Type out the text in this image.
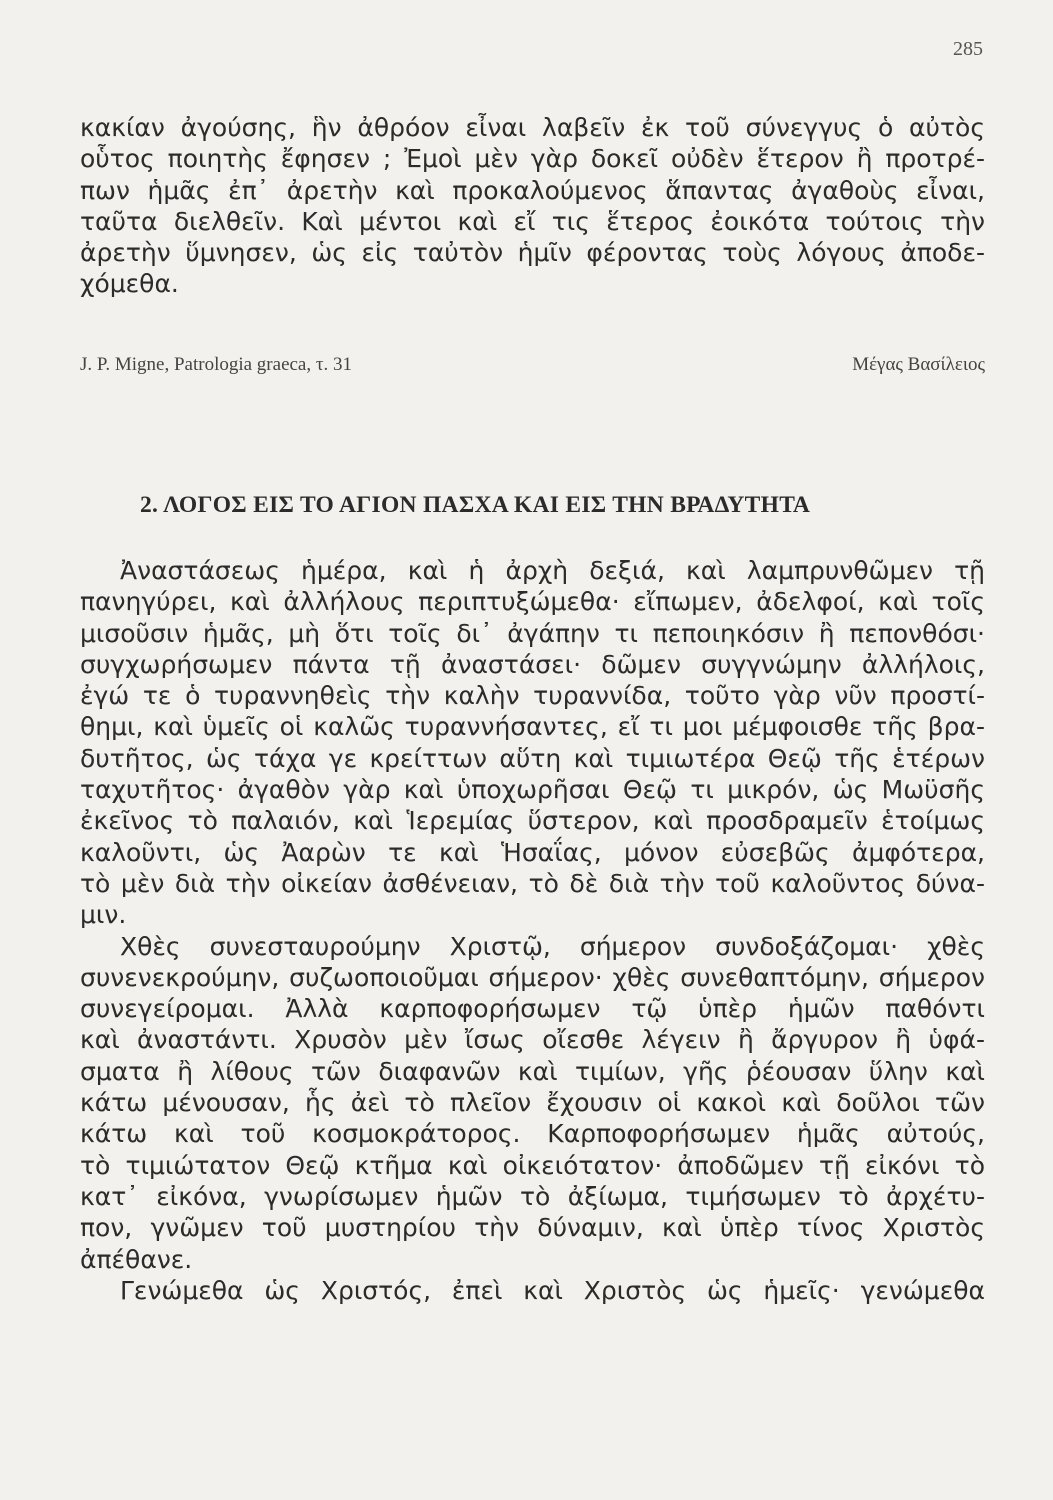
285
κακίαν ἀγούσης, ἣν ἀθρόον εἶναι λαβεῖν ἐκ τοῦ σύνεγγυς ὁ αὐτὸς
οὗτος ποιητὴς ἔφησεν ; Ἐμοὶ μὲν γὰρ δοκεῖ οὐδὲν ἕτερον ἢ προτρέ-
πων ἡμᾶς ἐπ᾿ ἀρετὴν καὶ προκαλούμενος ἅπαντας ἀγαθοὺς εἶναι,
ταῦτα διελθεῖν. Καὶ μέντοι καὶ εἴ τις ἕτερος ἐοικότα τούτοις τὴν
ἀρετὴν ὕμνησεν, ὡς εἰς ταὐτὸν ἡμῖν φέροντας τοὺς λόγους ἀποδε-
χόμεθα.
J. P. Migne, Patrologia graeca, τ. 31	Μέγας Βασίλειος
2. ΛΟΓΟΣ ΕΙΣ ΤΟ ΑΓΙΟΝ ΠΑΣΧΑ ΚΑΙ ΕΙΣ ΤΗΝ ΒΡΑΔΥΤΗΤΑ
Ἀναστάσεως ἡμέρα, καὶ ἡ ἀρχὴ δεξιά, καὶ λαμπρυνθῶμεν τῇ
πανηγύρει, καὶ ἀλλήλους περιπτυξώμεθα· εἴπωμεν, ἀδελφοί, καὶ τοῖς
μισοῦσιν ἡμᾶς, μὴ ὅτι τοῖς δι᾿ ἀγάπην τι πεποιηκόσιν ἢ πεπονθόσι·
συγχωρήσωμεν πάντα τῇ ἀναστάσει· δῶμεν συγγνώμην ἀλλήλοις,
ἐγώ τε ὁ τυραννηθεὶς τὴν καλὴν τυραννίδα, τοῦτο γὰρ νῦν προστί-
θημι, καὶ ὑμεῖς οἱ καλῶς τυραννήσαντες, εἴ τι μοι μέμφοισθε τῆς βρα-
δυτῆτος, ὡς τάχα γε κρείττων αὕτη καὶ τιμιωτέρα Θεῷ τῆς ἑτέρων
ταχυτῆτος· ἀγαθὸν γὰρ καὶ ὑποχωρῆσαι Θεῷ τι μικρόν, ὡς Μωϋσῆς
ἐκεῖνος τὸ παλαιόν, καὶ Ἱερεμίας ὕστερον, καὶ προσδραμεῖν ἑτοίμως
καλοῦντι, ὡς Ἀαρὼν τε καὶ Ἡσαΐας, μόνον εὐσεβῶς ἀμφότερα,
τὸ μὲν διὰ τὴν οἰκείαν ἀσθένειαν, τὸ δὲ διὰ τὴν τοῦ καλοῦντος δύνα-
μιν.
Χθὲς συνεσταυρούμην Χριστῷ, σήμερον συνδοξάζομαι· χθὲς
συνενεκρούμην, συζωοποιοῦμαι σήμερον· χθὲς συνεθαπτόμην, σήμερον
συνεγείρομαι. Ἀλλὰ καρποφορήσωμεν τῷ ὑπὲρ ἡμῶν παθόντι
καὶ ἀναστάντι. Χρυσὸν μὲν ἴσως οἴεσθε λέγειν ἢ ἄργυρον ἢ ὑφά-
σματα ἢ λίθους τῶν διαφανῶν καὶ τιμίων, γῆς ῥέουσαν ὕλην καὶ
κάτω μένουσαν, ἧς ἀεὶ τὸ πλεῖον ἔχουσιν οἱ κακοὶ καὶ δοῦλοι τῶν
κάτω καὶ τοῦ κοσμοκράτορος. Καρποφορήσωμεν ἡμᾶς αὐτούς,
τὸ τιμιώτατον Θεῷ κτῆμα καὶ οἰκειότατον· ἀποδῶμεν τῇ εἰκόνι τὸ
κατ᾿ εἰκόνα, γνωρίσωμεν ἡμῶν τὸ ἀξίωμα, τιμήσωμεν τὸ ἀρχέτυ-
πον, γνῶμεν τοῦ μυστηρίου τὴν δύναμιν, καὶ ὑπὲρ τίνος Χριστὸς
ἀπέθανε.
Γενώμεθα ὡς Χριστός, ἐπεὶ καὶ Χριστὸς ὡς ἡμεῖς· γενώμεθα
